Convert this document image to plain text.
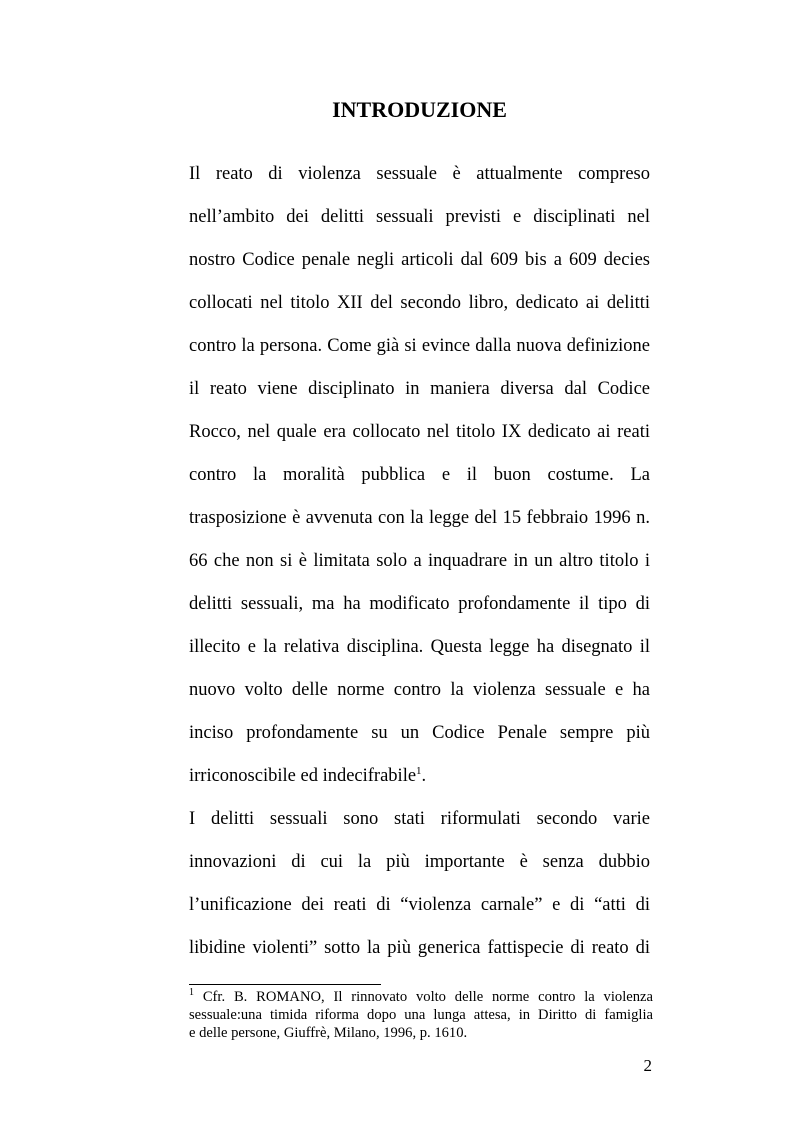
INTRODUZIONE
Il reato di violenza sessuale è attualmente compreso
nell’ambito dei delitti sessuali previsti e disciplinati nel
nostro Codice penale negli articoli dal 609 bis a 609 decies
collocati nel titolo XII del secondo libro, dedicato ai delitti
contro la persona. Come già si evince dalla nuova definizione
il reato viene disciplinato in maniera diversa dal Codice
Rocco, nel quale era collocato nel titolo IX dedicato ai reati
contro la moralità pubblica e il buon costume. La
trasposizione è avvenuta con la legge del 15 febbraio 1996 n.
66 che non si è limitata solo a inquadrare in un altro titolo i
delitti sessuali, ma ha modificato profondamente il tipo di
illecito e la relativa disciplina. Questa legge ha disegnato il
nuovo volto delle norme contro la violenza sessuale e ha
inciso profondamente su un Codice Penale sempre più
irriconoscibile ed indecifrabile$^1$.
I delitti sessuali sono stati riformulati secondo varie
innovazioni di cui la più importante è senza dubbio
l’unificazione dei reati di “violenza carnale” e di “atti di
libidine violenti” sotto la più generica fattispecie di reato di
$^1$ Cfr. B. ROMANO, Il rinnovato volto delle norme contro la violenza
sessuale:una timida riforma dopo una lunga attesa, in Diritto di famiglia
e delle persone, Giuffrè, Milano, 1996, p. 1610.
2
